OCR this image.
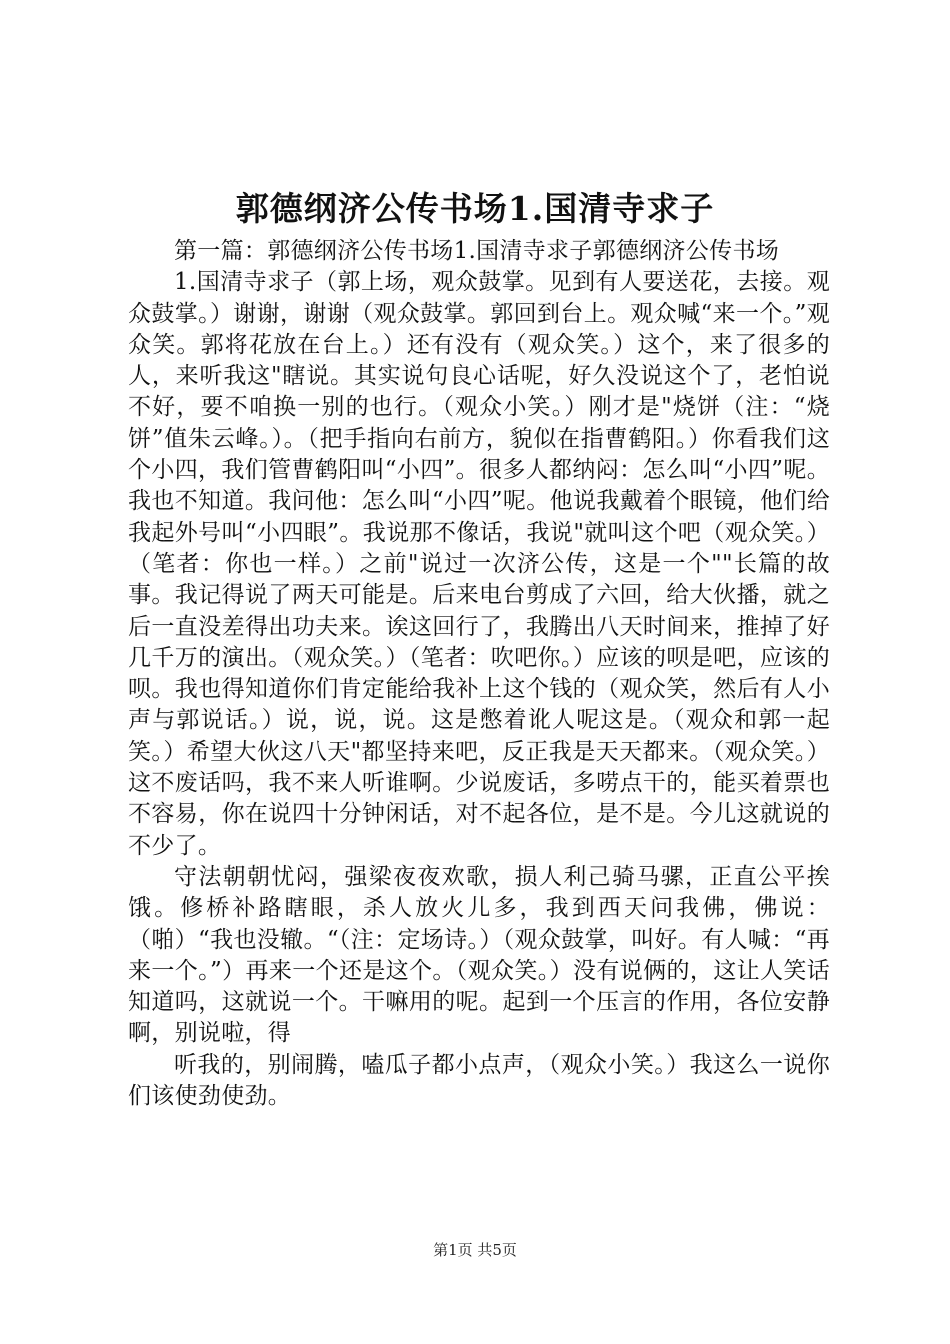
郭德纲济公传书场1.国清寺求子

第一篇：郭德纲济公传书场1.国清寺求子郭德纲济公传书场

1.国清寺求子（郭上场，观众鼓掌。见到有人要送花，去接。观众鼓掌。）谢谢，谢谢（观众鼓掌。郭回到台上。观众喊“来一个。”观众笑。郭将花放在台上。）还有没有（观众笑。）这个，来了很多的人，来听我这"瞎说。其实说句良心话呢，好久没说这个了，老怕说不好，要不咱换一别的也行。（观众小笑。）刚才是"烧饼（注：“烧饼”值朱云峰。）。（把手指向右前方，貌似在指曹鹤阳。）你看我们这个小四，我们管曹鹤阳叫“小四”。很多人都纳闷：怎么叫“小四”呢。我也不知道。我问他：怎么叫“小四”呢。他说我戴着个眼镜，他们给我起外号叫“小四眼”。我说那不像话，我说"就叫这个吧（观众笑。）（笔者：你也一样。）之前"说过一次济公传，这是一个""长篇的故事。我记得说了两天可能是。后来电台剪成了六回，给大伙播，就之后一直没差得出功夫来。诶这回行了，我腾出八天时间来，推掉了好几千万的演出。（观众笑。）（笔者：吹吧你。）应该的呗是吧，应该的呗。我也得知道你们肯定能给我补上这个钱的（观众笑，然后有人小声与郭说话。）说，说，说。这是憋着讹人呢这是。（观众和郭一起笑。）希望大伙这八天"都坚持来吧，反正我是天天都来。（观众笑。）这不废话吗，我不来人听谁啊。少说废话，多唠点干的，能买着票也不容易，你在说四十分钟闲话，对不起各位，是不是。今儿这就说的不少了。

守法朝朝忧闷，强梁夜夜欢歌，损人利己骑马骡，正直公平挨饿。修桥补路瞎眼，杀人放火儿多，我到西天问我佛，佛说：（啪）“我也没辙。“（注：定场诗。）（观众鼓掌，叫好。有人喊：“再来一个。”）再来一个还是这个。（观众笑。）没有说俩的，这让人笑话知道吗，这就说一个。干嘛用的呢。起到一个压言的作用，各位安静啊，别说啦，得

听我的，别闹腾，嗑瓜子都小点声，（观众小笑。）我这么一说你们该使劲使劲。

第1页 共5页
